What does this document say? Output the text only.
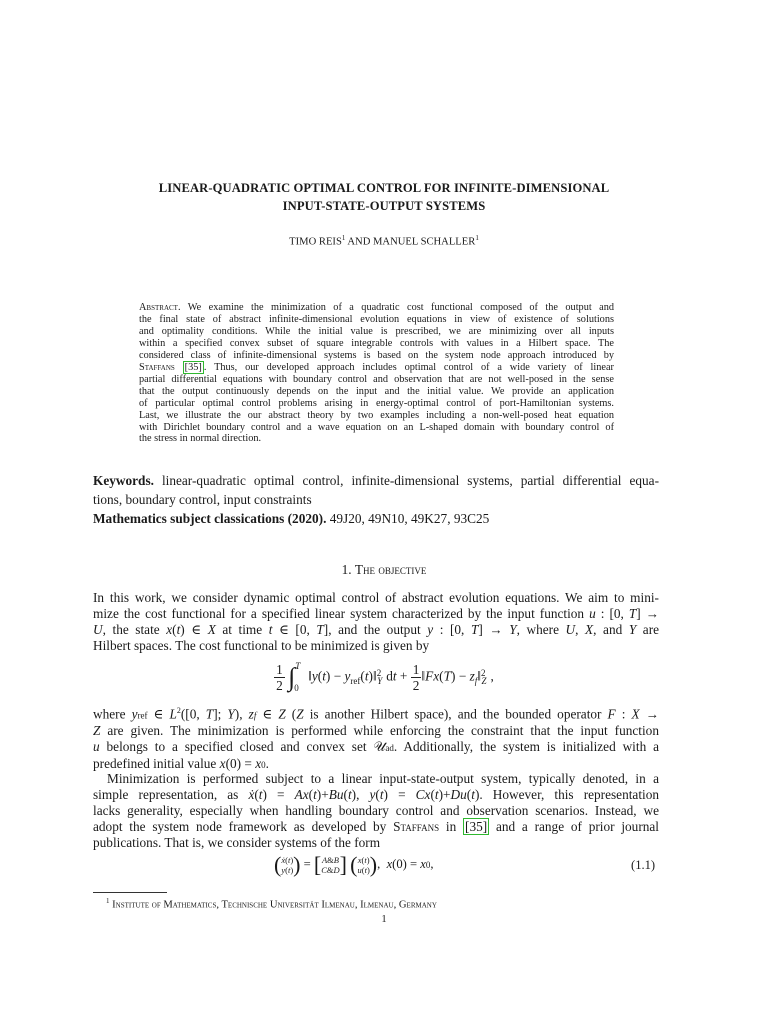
LINEAR-QUADRATIC OPTIMAL CONTROL FOR INFINITE-DIMENSIONAL
INPUT-STATE-OUTPUT SYSTEMS
TIMO REIS$^1$ AND MANUEL SCHALLER$^1$
Abstract. We examine the minimization of a quadratic cost functional composed of the output and
the final state of abstract infinite-dimensional evolution equations in view of existence of solutions
and optimality conditions. While the initial value is prescribed, we are minimizing over all inputs
within a specified convex subset of square integrable controls with values in a Hilbert space. The
considered class of infinite-dimensional systems is based on the system node approach introduced by
Staffans [35] . Thus, our developed approach includes optimal control of a wide variety of linear
partial differential equations with boundary control and observation that are not well-posed in the sense
that the output continuously depends on the input and the initial value. We provide an application
of particular optimal control problems arising in energy-optimal control of port-Hamiltonian systems.
Last, we illustrate the our abstract theory by two examples including a non-well-posed heat equation
with Dirichlet boundary control and a wave equation on an L-shaped domain with boundary control of
the stress in normal direction.
Keywords. linear-quadratic optimal control, infinite-dimensional systems, partial differential equa-
tions, boundary control, input constraints
Mathematics subject classications (2020). 49J20, 49N10, 49K27, 93C25
1. The objective
In this work, we consider dynamic optimal control of abstract evolution equations. We aim to mini-
mize the cost functional for a specified linear system characterized by the input function u : [0, T] →
U, the state x(t) ∈ X at time t ∈ [0, T], and the output y : [0, T] → Y, where U, X, and Y are
Hilbert spaces. The cost functional to be minimized is given by
$\frac{1}{2} \int^T_0$ ‖y(t) − $y_{ref}(t)‖^2_Y$ dt + $\frac{1}{2}$ ‖Fx(T) − $z_f‖^2_Z$ ,
where yref ∈ $L^2([0$, T]; Y), zf ∈ Z (Z is another Hilbert space), and the bounded operator F : X →
Z are given. The minimization is performed while enforcing the constraint that the input function
u belongs to a specified closed and convex set 𝒰ad. Additionally, the system is initialized with a
predefined initial value x(0) = x0.
Minimization is performed subject to a linear input-state-output system, typically denoted, in a
simple representation, as ẋ(t) = Ax(t)+Bu(t), y(t) = Cx(t)+Du(t). However, this representation
lacks generality, especially when handling boundary control and observation scenarios. Instead, we
adopt the system node framework as developed by Staffans in [35] and a range of prior journal
publications. That is, we consider systems of the form
(ẋ(t)
y(t)) = [A&B
C&D] (x(t)
u(t)),  x(0) = x0,	(1.1)
$^1$ Institute of Mathematics, Technische Universität Ilmenau, Ilmenau, Germany
1
